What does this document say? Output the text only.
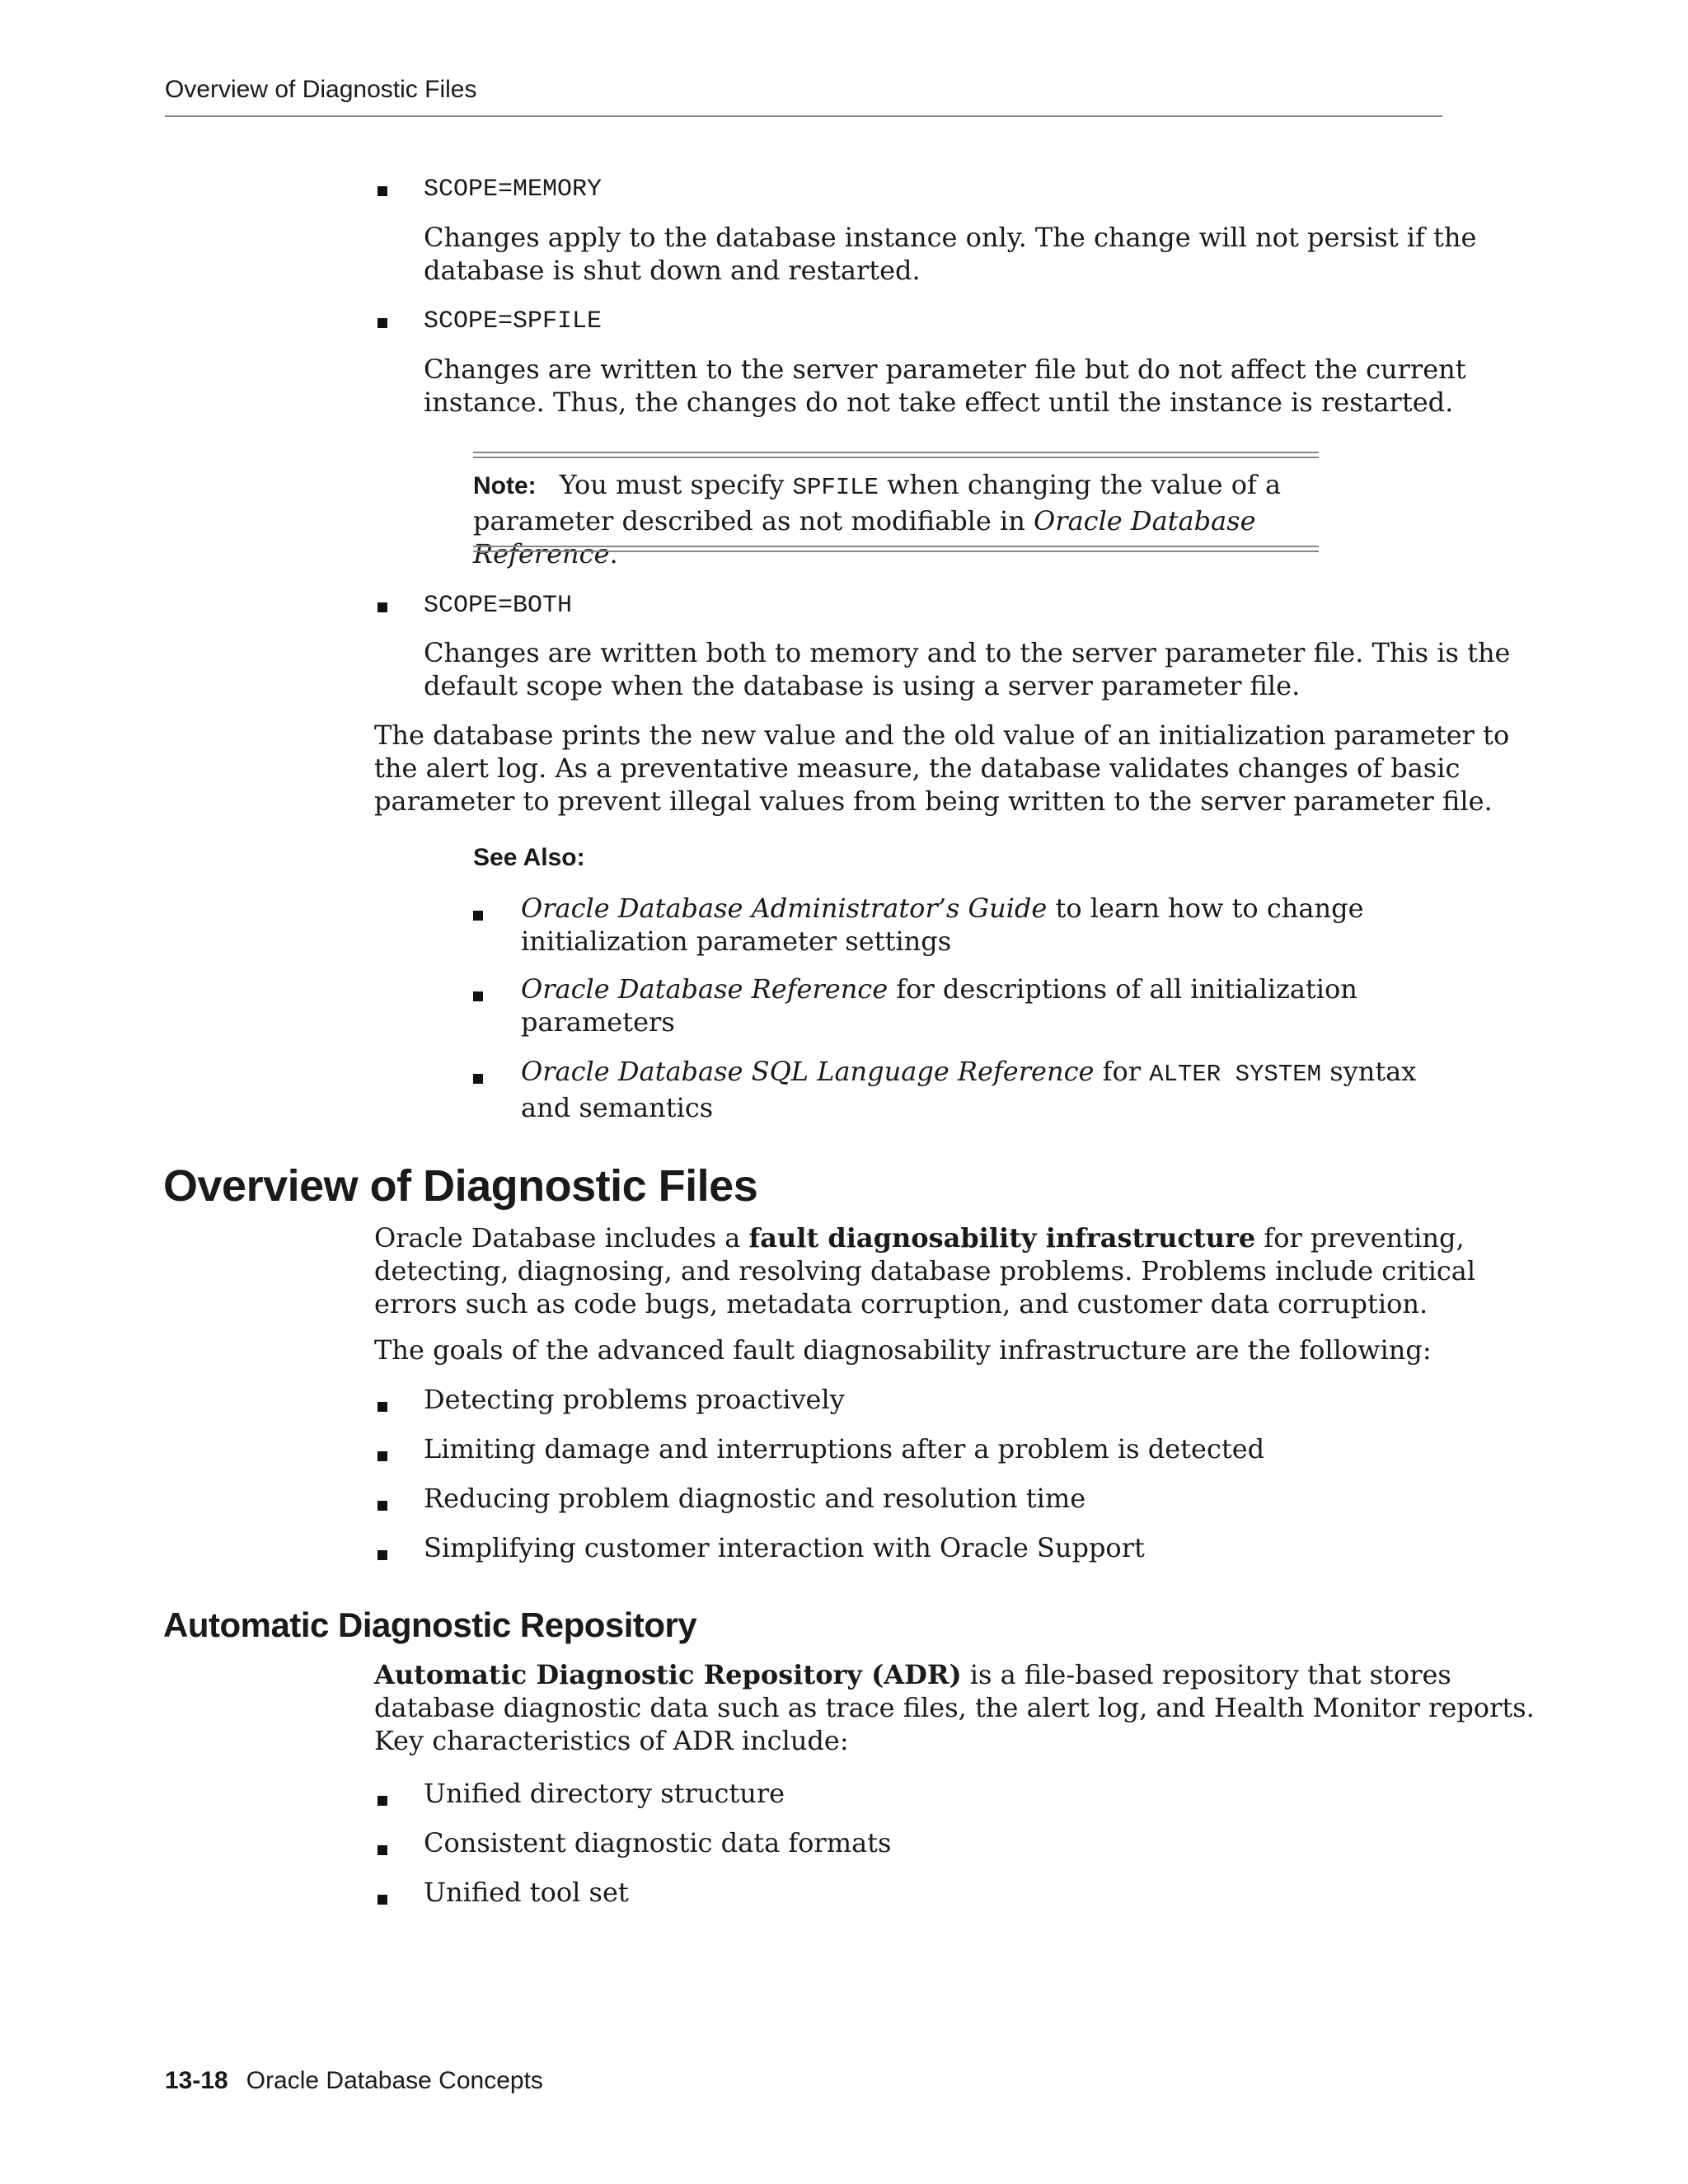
Overview of Diagnostic Files
SCOPE=MEMORY

Changes apply to the database instance only. The change will not persist if the

database is shut down and restarted.

SCOPE=SPFILE

Changes are written to the server parameter file but do not affect the current

instance. Thus, the changes do not take effect until the instance is restarted.

Note: You must specify SPFILE when changing the value of a

parameter described as not modifiable in Oracle Database Reference.

SCOPE=BOTH

Changes are written both to memory and to the server parameter file. This is the

default scope when the database is using a server parameter file.

The database prints the new value and the old value of an initialization parameter to

the alert log. As a preventative measure, the database validates changes of basic

parameter to prevent illegal values from being written to the server parameter file.

See Also:

Oracle Database Administrator’s Guide to learn how to change

initialization parameter settings

Oracle Database Reference for descriptions of all initialization

parameters

Oracle Database SQL Language Reference for ALTER SYSTEM syntax

and semantics

Overview of Diagnostic Files

Oracle Database includes a fault diagnosability infrastructure for preventing,

detecting, diagnosing, and resolving database problems. Problems include critical

errors such as code bugs, metadata corruption, and customer data corruption.

The goals of the advanced fault diagnosability infrastructure are the following:

Detecting problems proactively

Limiting damage and interruptions after a problem is detected

Reducing problem diagnostic and resolution time

Simplifying customer interaction with Oracle Support

Automatic Diagnostic Repository

Automatic Diagnostic Repository (ADR) is a file-based repository that stores

database diagnostic data such as trace files, the alert log, and Health Monitor reports.

Key characteristics of ADR include:

Unified directory structure

Consistent diagnostic data formats

Unified tool set

13-18 Oracle Database Concepts
